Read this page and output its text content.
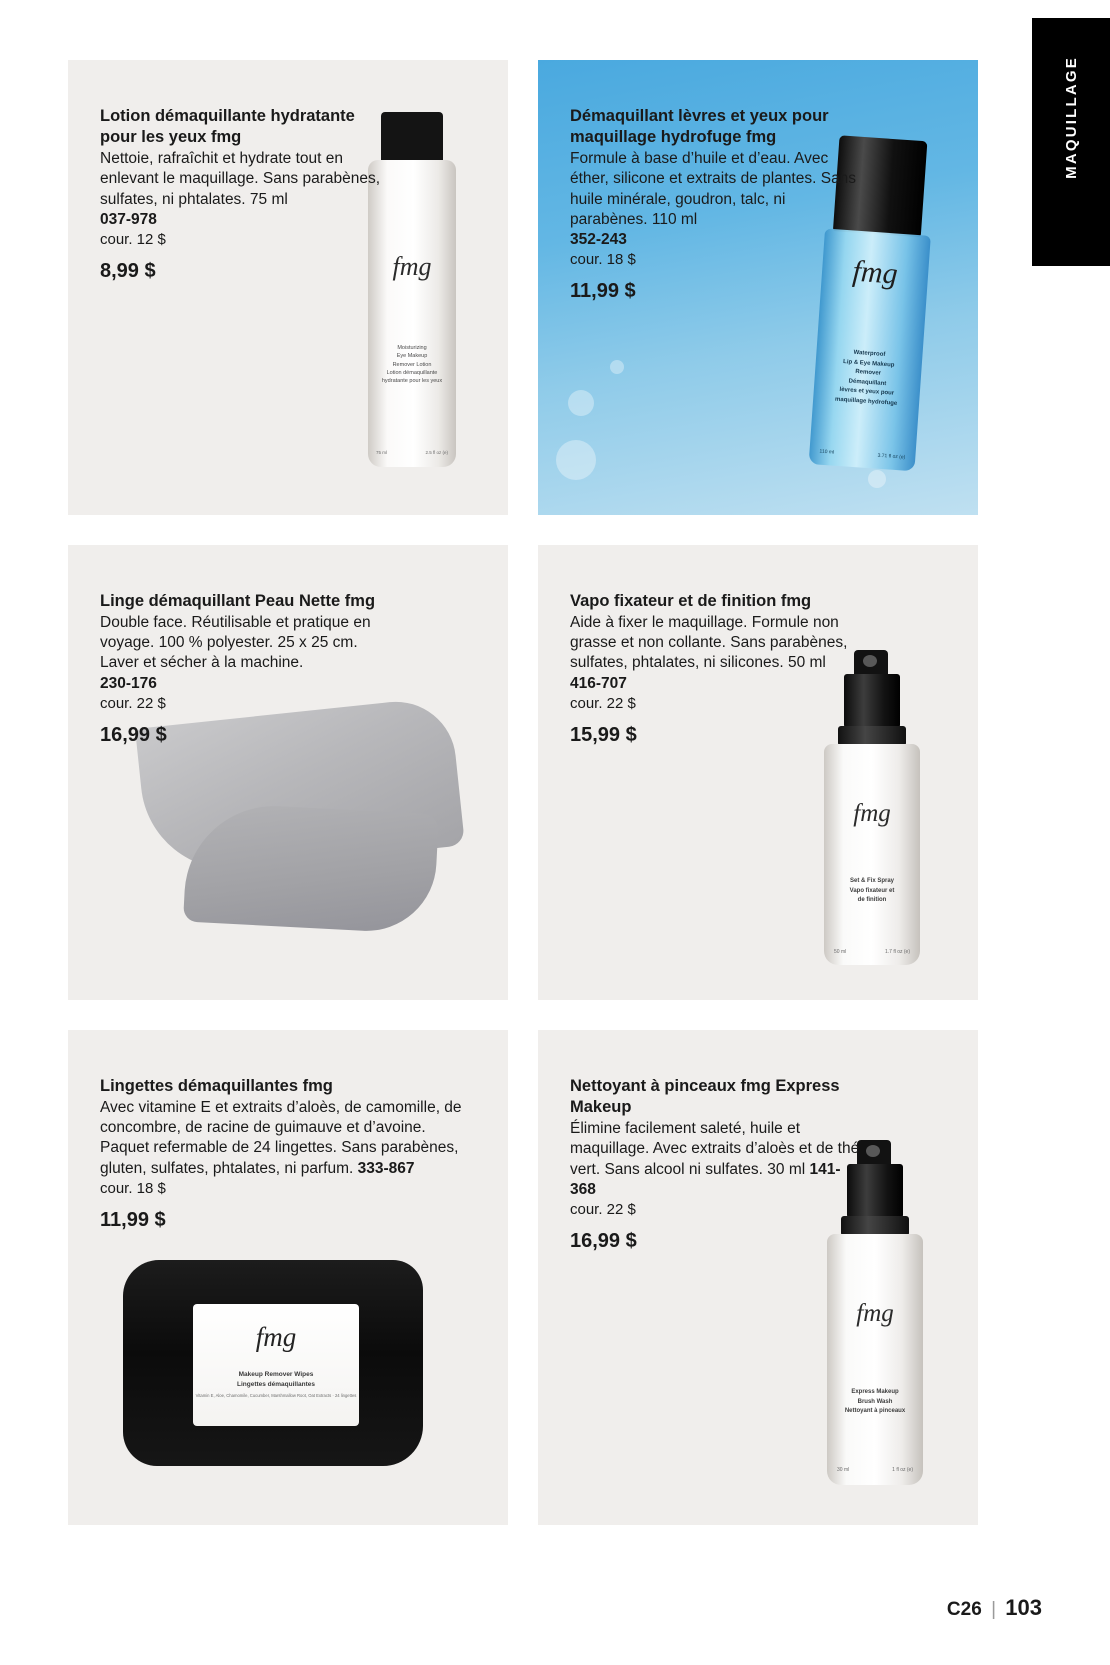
MAQUILLAGE
Lotion démaquillante hydratante pour les yeux fmg
Nettoie, rafraîchit et hydrate tout en enlevant le maquillage. Sans parabènes, sulfates, ni phtalates. 75 ml
037-978
cour. 12 $
8,99 $	fmg
Moisturizing
Eye Makeup
Remover Lotion
Lotion démaquillante
hydratante pour les yeux
75 ml	2.5 fl oz (e)
Démaquillant lèvres et yeux pour maquillage hydrofuge fmg
Formule à base d’huile et d’eau. Avec éther, silicone et extraits de plantes. Sans huile minérale, goudron, talc, ni parabènes. 110 ml
352-243
cour. 18 $
11,99 $
fmg
Waterproof
Lip & Eye Makeup
Remover
Démaquillant
lèvres et yeux pour
maquillage hydrofuge
110 ml
3.71 fl oz (e)
Linge démaquillant Peau Nette fmg
Double face. Réutilisable et pratique en voyage. 100 % polyester. 25 x 25 cm. Laver et sécher à la machine.
230-176
cour. 22 $
16,99 $
Vapo fixateur et de finition fmg
Aide à fixer le maquillage. Formule non grasse et non collante. Sans parabènes, sulfates, phtalates, ni silicones. 50 ml
416-707
cour. 22 $
15,99 $
fmg
Set & Fix Spray
Vapo fixateur et
de finition
50 ml	1.7 fl oz (e)
Lingettes démaquillantes fmg
Avec vitamine E et extraits d’aloès, de camomille, de concombre, de racine de guimauve et d’avoine. Paquet refermable de 24 lingettes. Sans parabènes, gluten, sulfates, phtalates, ni parfum. 333-867
cour. 18 $
11,99 $
fmg
Makeup Remover Wipes
Lingettes démaquillantes
Vitamin E, Aloe, Chamomile, Cucumber, Marshmallow Root, Oat Extracts · 24 lingettes
Nettoyant à pinceaux fmg Express Makeup
Élimine facilement saleté, huile et maquillage. Avec extraits d’aloès et de thé vert. Sans alcool ni sulfates. 30 ml 141-368
cour. 22 $
16,99 $
fmg
Express Makeup
Brush Wash
Nettoyant à pinceaux
30 ml	1 fl oz (e)
C26 | 103
